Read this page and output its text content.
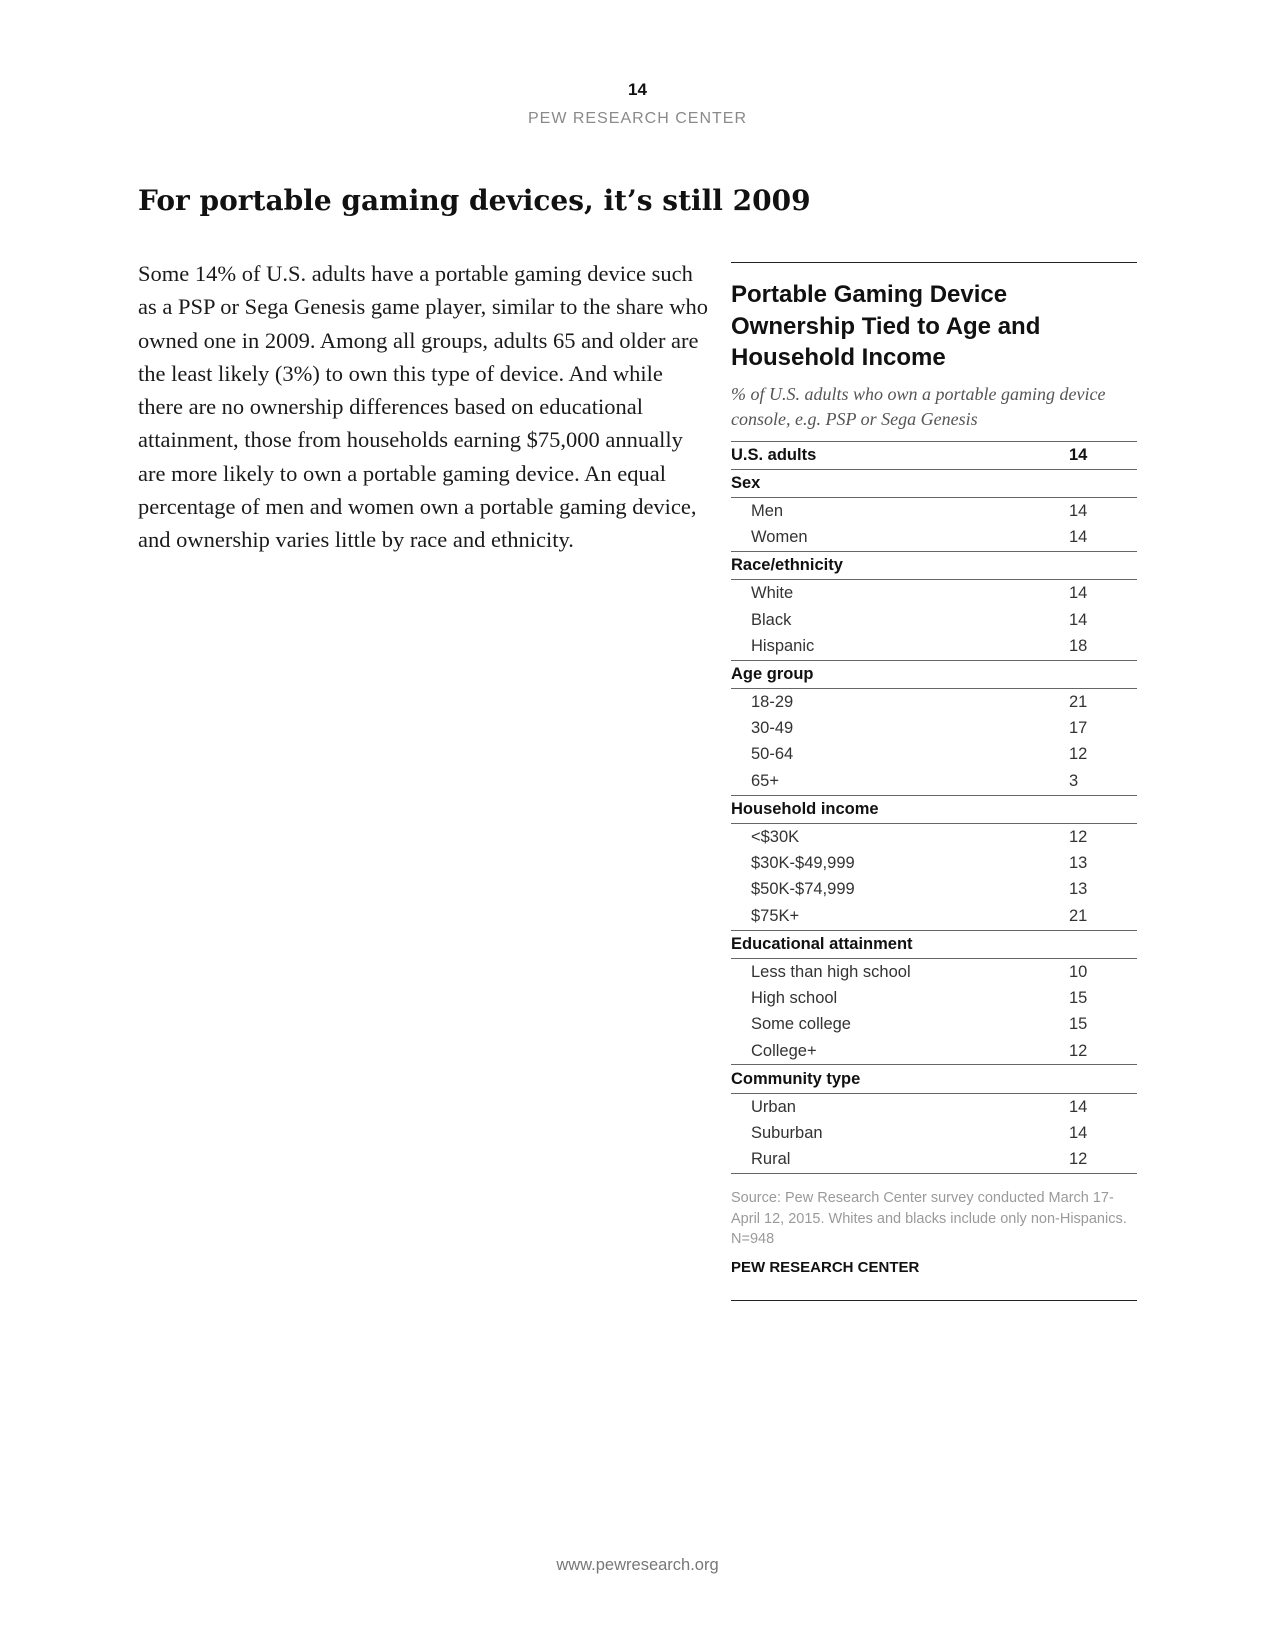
14
PEW RESEARCH CENTER
For portable gaming devices, it’s still 2009
Some 14% of U.S. adults have a portable gaming device such as a PSP or Sega Genesis game player, similar to the share who owned one in 2009. Among all groups, adults 65 and older are the least likely (3%) to own this type of device. And while there are no ownership differences based on educational attainment, those from households earning $75,000 annually are more likely to own a portable gaming device. An equal percentage of men and women own a portable gaming device, and ownership varies little by race and ethnicity.
Portable Gaming Device Ownership Tied to Age and Household Income
% of U.S. adults who own a portable gaming device console, e.g. PSP or Sega Genesis
U.S. adults	14
Sex
Men	14
Women	14
Race/ethnicity
White	14
Black	14
Hispanic	18
Age group
18-29	21
30-49	17
50-64	12
65+	3
Household income
<$30K	12
$30K-$49,999	13
$50K-$74,999	13
$75K+	21
Educational attainment
Less than high school	10
High school	15
Some college	15
College+	12
Community type
Urban	14
Suburban	14
Rural	12
Source: Pew Research Center survey conducted March 17-April 12, 2015. Whites and blacks include only non-Hispanics. N=948
PEW RESEARCH CENTER
www.pewresearch.org
